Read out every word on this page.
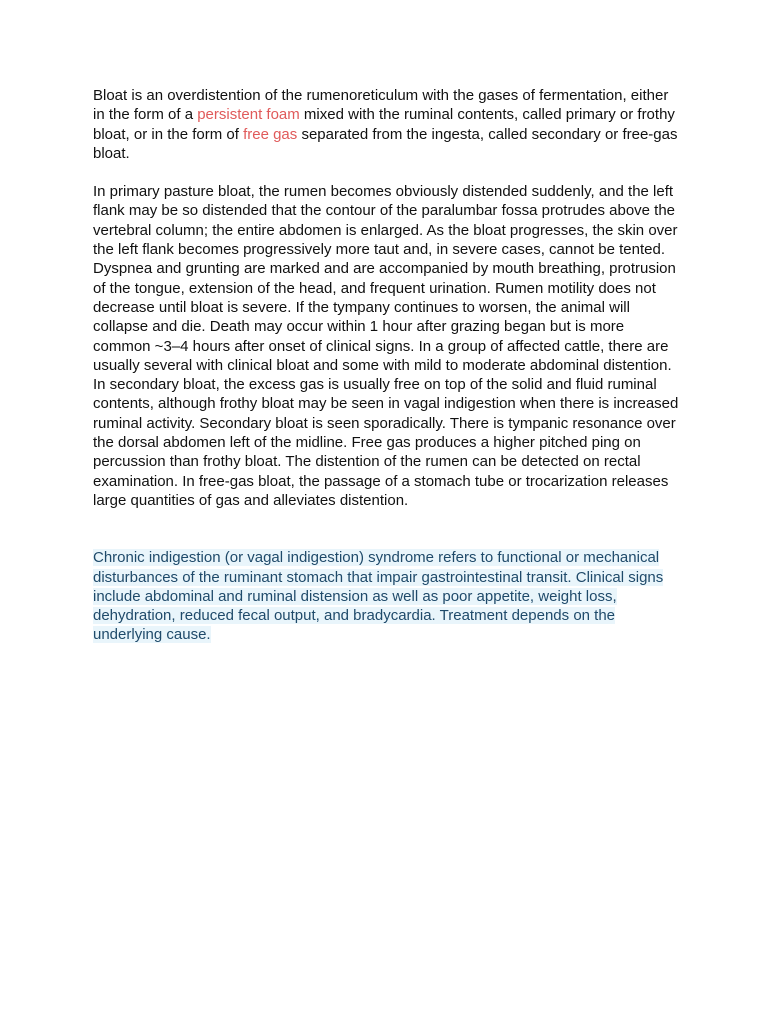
Bloat is an overdistention of the rumenoreticulum with the gases of fermentation, either in the form of a persistent foam mixed with the ruminal contents, called primary or frothy bloat, or in the form of free gas separated from the ingesta, called secondary or free-gas bloat.

In primary pasture bloat, the rumen becomes obviously distended suddenly, and the left flank may be so distended that the contour of the paralumbar fossa protrudes above the vertebral column; the entire abdomen is enlarged. As the bloat progresses, the skin over the left flank becomes progressively more taut and, in severe cases, cannot be tented. Dyspnea and grunting are marked and are accompanied by mouth breathing, protrusion of the tongue, extension of the head, and frequent urination. Rumen motility does not decrease until bloat is severe. If the tympany continues to worsen, the animal will collapse and die. Death may occur within 1 hour after grazing began but is more common ~3–4 hours after onset of clinical signs. In a group of affected cattle, there are usually several with clinical bloat and some with mild to moderate abdominal distention.

In secondary bloat, the excess gas is usually free on top of the solid and fluid ruminal contents, although frothy bloat may be seen in vagal indigestion when there is increased ruminal activity. Secondary bloat is seen sporadically. There is tympanic resonance over the dorsal abdomen left of the midline. Free gas produces a higher pitched ping on percussion than frothy bloat. The distention of the rumen can be detected on rectal examination. In free-gas bloat, the passage of a stomach tube or trocarization releases large quantities of gas and alleviates distention.

Chronic indigestion (or vagal indigestion) syndrome refers to functional or mechanical disturbances of the ruminant stomach that impair gastrointestinal transit. Clinical signs include abdominal and ruminal distension as well as poor appetite, weight loss, dehydration, reduced fecal output, and bradycardia. Treatment depends on the underlying cause.
